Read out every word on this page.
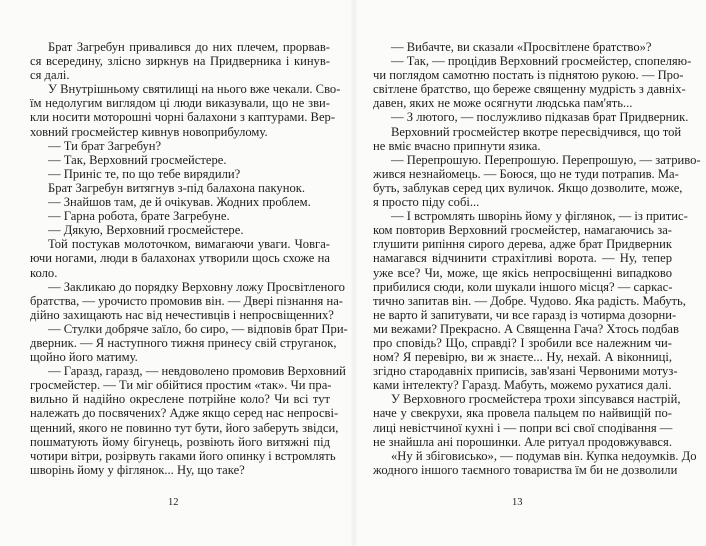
Брат Загребун привалився до них плечем, прорвав-
ся всередину, злісно зиркнув на Придверника і кинув-
ся далі.
У Внутрішньому святилищі на нього вже чекали. Сво-
їм недолугим виглядом ці люди виказували, що не зви-
кли носити моторошні чорні балахони з каптурами. Вер-
ховний гросмейстер кивнув новоприбулому.
— Ти брат Загребун?
— Так, Верховний гросмейстере.
— Приніс те, по що тебе вирядили?
Брат Загребун витягнув з-під балахона пакунок.
— Знайшов там, де й очікував. Жодних проблем.
— Гарна робота, брате Загребуне.
— Дякую, Верховний гросмейстере.
Той постукав молоточком, вимагаючи уваги. Човга-
ючи ногами, люди в балахонах утворили щось схоже на
коло.
— Закликаю до порядку Верховну ложу Просвітленого
братства, — урочисто промовив він. — Двері пізнання на-
дійно захищають нас від нечестивців і непросвіщенних?
— Стулки добряче заїло, бо сиро, — відповів брат При-
дверник. — Я наступного тижня принесу свій струганок,
щойно його матиму.
— Гаразд, гаразд, — невдоволено промовив Верховний
гросмейстер. — Ти міг обійтися простим «так». Чи пра-
вильно й надійно окреслене потрійне коло? Чи всі тут
належать до посвячених? Адже якщо серед нас непросві-
щенний, якого не повинно тут бути, його заберуть звідси,
пошматують йому бігунець, розвіють його витяжні під
чотири вітри, розірвуть гаками його опинку і встромлять
шворінь йому у фіглянок... Ну, що таке?
— Вибачте, ви сказали «Просвітлене братство»?
— Так, — процідив Верховний гросмейстер, спопеляю-
чи поглядом самотню постать із піднятою рукою. — Про-
світлене братство, що береже священну мудрість з давніх-
давен, яких не може осягнути людська пам'ять...
— З лютого, — послужливо підказав брат Придверник.
Верховний гросмейстер вкотре пересвідчився, що той
не вміє вчасно припнути язика.
— Перепрошую. Перепрошую. Перепрошую, — затриво-
жився незнайомець. — Боюся, що не туди потрапив. Ма-
буть, заблукав серед цих вуличок. Якщо дозволите, може,
я просто піду собі...
— І встромлять шворінь йому у фіглянок, — із притис-
ком повторив Верховний гросмейстер, намагаючись за-
глушити рипіння сирого дерева, адже брат Придверник
намагався відчинити страхітливі ворота. — Ну, тепер
уже все? Чи, може, ще якісь непросвіщенні випадково
прибилися сюди, коли шукали іншого місця? — саркас-
тично запитав він. — Добре. Чудово. Яка радість. Мабуть,
не варто й запитувати, чи все гаразд із чотирма дозорни-
ми вежами? Прекрасно. А Священна Гача? Хтось подбав
про сповідь? Що, справді? І зробили все належним чи-
ном? Я перевірю, ви ж знаєте... Ну, нехай. А віконниці,
згідно стародавніх приписів, зав'язані Червоними мотуз-
ками інтелекту? Гаразд. Мабуть, можемо рухатися далі.
У Верховного гросмейстера трохи зіпсувався настрій,
наче у свекрухи, яка провела пальцем по найвищій по-
лиці невістчиної кухні і — попри всі свої сподівання —
не знайшла ані порошинки. Але ритуал продовжувався.
«Ну й збіговисько», — подумав він. Купка недоумків. До
жодного іншого таємного товариства їм би не дозволили
12	13
